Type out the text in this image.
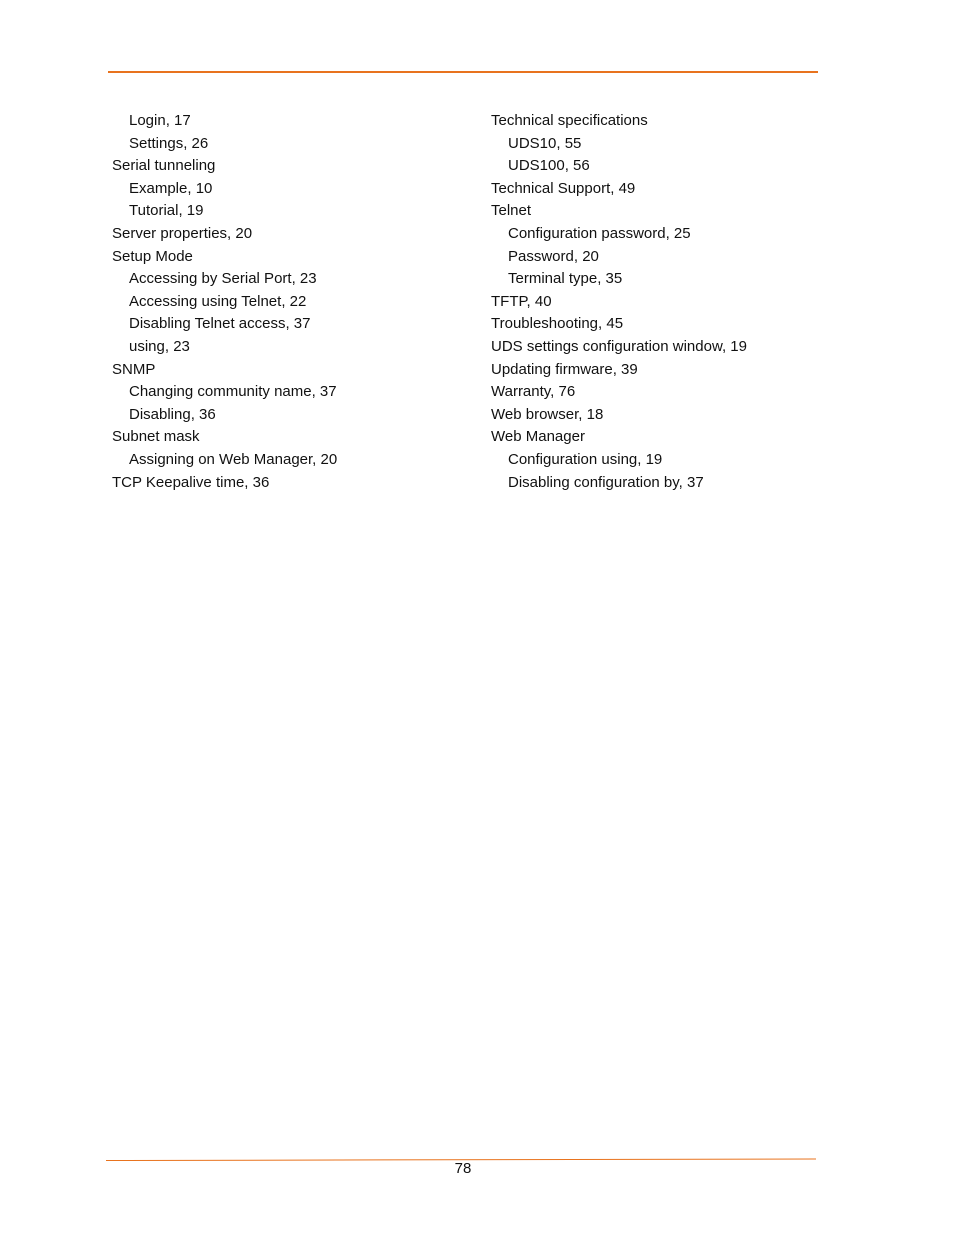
Login, 17
Settings, 26
Serial tunneling
Example, 10
Tutorial, 19
Server properties, 20
Setup Mode
Accessing by Serial Port, 23
Accessing using Telnet, 22
Disabling Telnet access, 37
using, 23
SNMP
Changing community name, 37
Disabling, 36
Subnet mask
Assigning on Web Manager, 20
TCP Keepalive time, 36
Technical specifications
UDS10, 55
UDS100, 56
Technical Support, 49
Telnet
Configuration password, 25
Password, 20
Terminal type, 35
TFTP, 40
Troubleshooting, 45
UDS settings configuration window, 19
Updating firmware, 39
Warranty, 76
Web browser, 18
Web Manager
Configuration using, 19
Disabling configuration by, 37
78
